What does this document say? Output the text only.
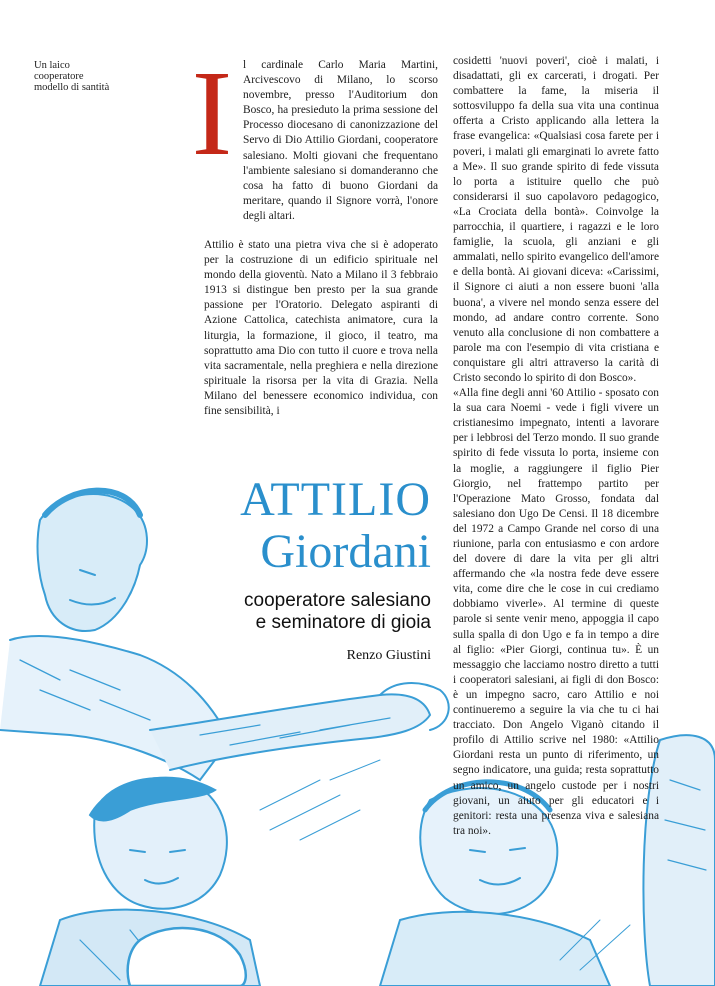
Un laico cooperatore modello di santità I l cardinale Carlo Maria Martini, Arcivescovo di Milano, lo scorso novembre, presso l'Auditorium don Bosco, ha presieduto la prima sessione del Processo diocesano di canonizzazione del Servo di Dio Attilio Giordani, cooperatore salesiano. Molti giovani che frequentano l'ambiente salesiano si domanderanno che cosa ha fatto di buono Giordani da meritare, quando il Signore vorrà, l'onore degli altari.

Attilio è stato una pietra viva che si è adoperato per la costruzione di un edificio spirituale nel mondo della gioventù. Nato a Milano il 3 febbraio 1913 si distingue ben presto per la sua grande passione per l'Oratorio. Delegato aspiranti di Azione Cattolica, catechista animatore, cura la liturgia, la formazione, il gioco, il teatro, ma soprattutto ama Dio con tutto il cuore e trova nella vita sacramentale, nella preghiera e nella direzione spirituale la risorsa per la vita di Grazia. Nella Milano del benessere economico individua, con fine sensibilità, i

cosidetti 'nuovi poveri', cioè i malati, i disadattati, gli ex carcerati, i drogati. Per combattere la fame, la miseria il sottosviluppo fa della sua vita una continua offerta a Cristo applicando alla lettera la frase evangelica: «Qualsiasi cosa farete per i poveri, i malati gli emarginati lo avrete fatto a Me». Il suo grande spirito di fede vissuta lo porta a istituire quello che può considerarsi il suo capolavoro pedagogico, «La Crociata della bontà». Coinvolge la parrocchia, il quartiere, i ragazzi e le loro famiglie, la scuola, gli anziani e gli ammalati, nello spirito evangelico dell'amore e della bontà. Ai giovani diceva: «Carissimi, il Signore ci aiuti a non essere buoni 'alla buona', a vivere nel mondo senza essere del mondo, ad andare contro corrente. Sono venuto alla conclusione di non combattere a parole ma con l'esempio di vita cristiana e conquistare gli altri attraverso la carità di Cristo secondo lo spirito di don Bosco».

«Alla fine degli anni '60 Attilio - sposato con la sua cara Noemi - vede i figli vivere un cristianesimo impegnato, intenti a lavorare per i lebbrosi del Terzo mondo. Il suo grande spirito di fede vissuta lo porta, insieme con la moglie, a raggiungere il figlio Pier Giorgio, nel frattempo partito per l'Operazione Mato Grosso, fondata dal salesiano don Ugo De Censi. Il 18 dicembre del 1972 a Campo Grande nel corso di una riunione, parla con entusiasmo e con ardore del dovere di dare la vita per gli altri affermando che «la nostra fede deve essere vita, come dire che le cose in cui crediamo dobbiamo viverle». Al termine di queste parole si sente venir meno, appoggia il capo sulla spalla di don Ugo e fa in tempo a dire al figlio: «Pier Giorgi, continua tu». È un messaggio che lacciamo nostro diretto a tutti i cooperatori salesiani, ai figli di don Bosco: è un impegno sacro, caro Attilio e noi continueremo a seguire la via che tu ci hai tracciato. Don Angelo Viganò citando il profilo di Attilio scrive nel 1980: «Attilio Giordani resta un punto di riferimento, un segno indicatore, una guida; resta soprattutto un amico, un angelo custode per i nostri giovani, un aiuto per gli educatori e i genitori: resta una presenza viva e salesiana tra noi».

ATTILIO
Giordani
cooperatore salesiano
e seminatore di gioia
Renzo Giustini
